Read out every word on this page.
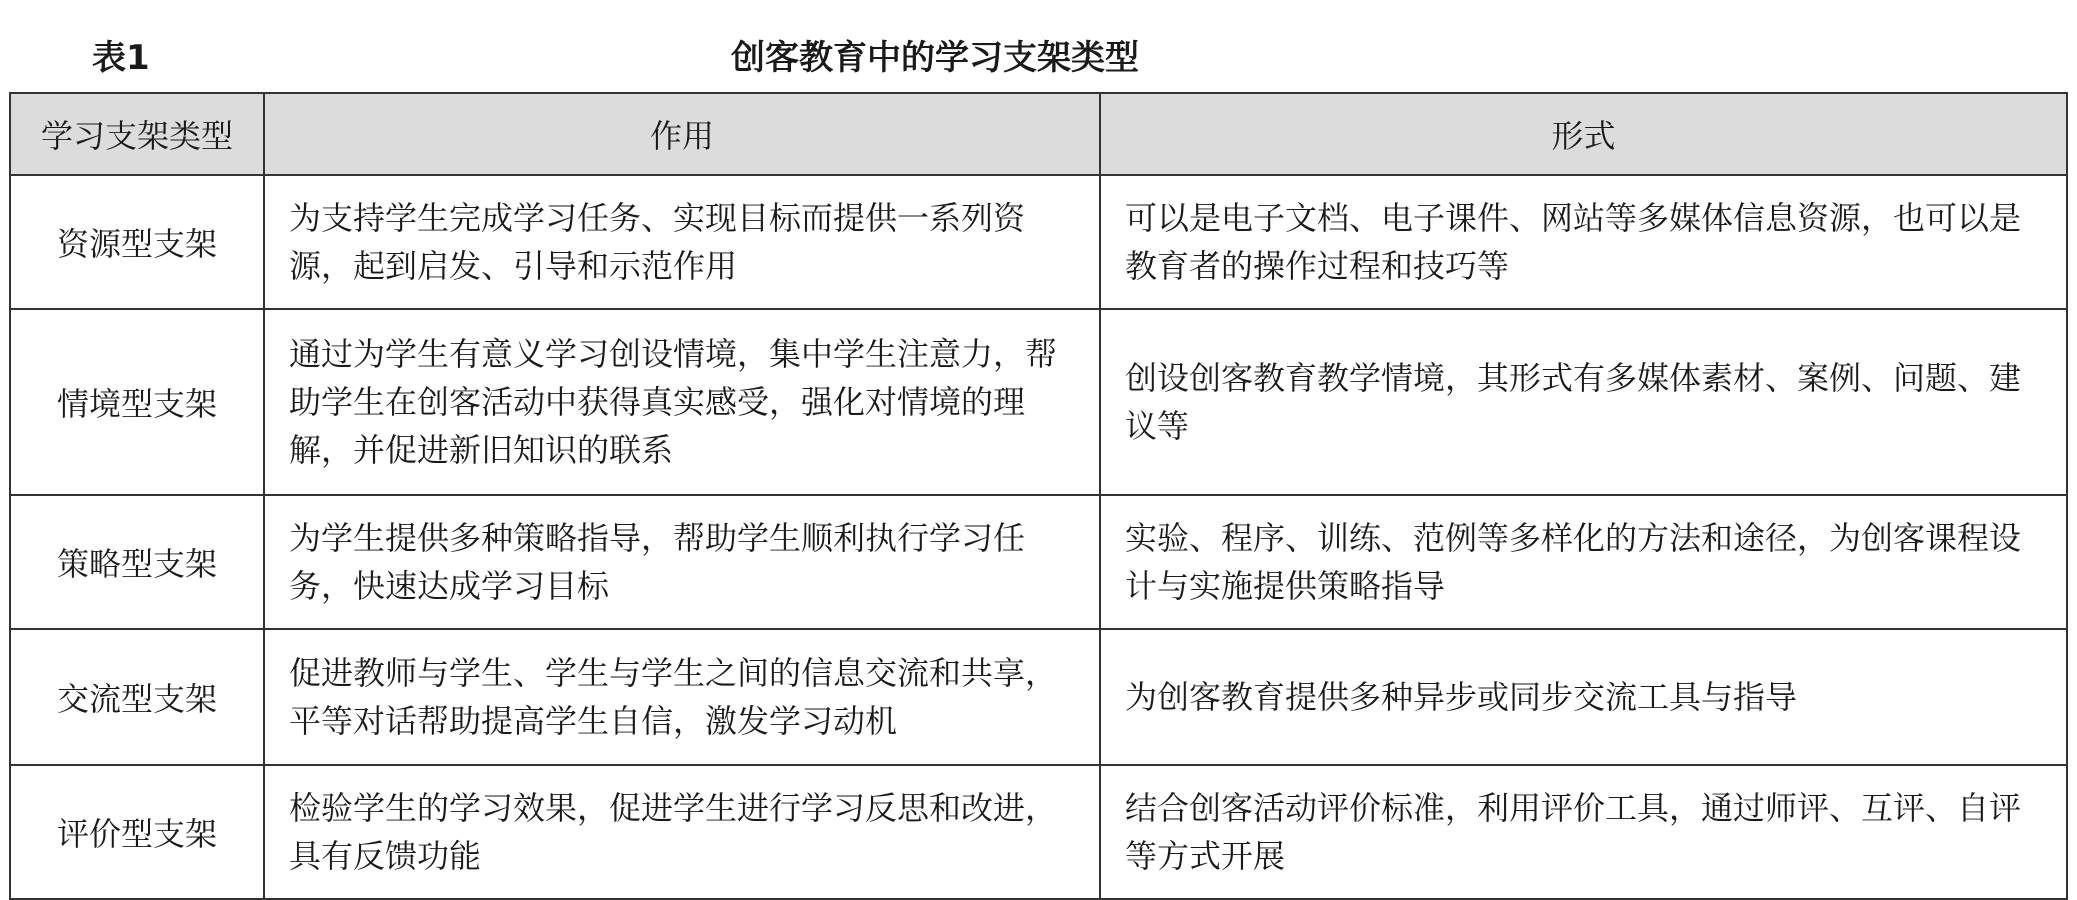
表1	创客教育中的学习支架类型
学习支架类型	作用	形式
资源型支架	为支持学生完成学习任务、实现目标而提供一系列资源，起到启发、引导和示范作用	可以是电子文档、电子课件、网站等多媒体信息资源，也可以是教育者的操作过程和技巧等
情境型支架	通过为学生有意义学习创设情境，集中学生注意力，帮助学生在创客活动中获得真实感受，强化对情境的理解，并促进新旧知识的联系	创设创客教育教学情境，其形式有多媒体素材、案例、问题、建议等
策略型支架	为学生提供多种策略指导，帮助学生顺利执行学习任务，快速达成学习目标	实验、程序、训练、范例等多样化的方法和途径，为创客课程设计与实施提供策略指导
交流型支架	促进教师与学生、学生与学生之间的信息交流和共享，平等对话帮助提高学生自信，激发学习动机	为创客教育提供多种异步或同步交流工具与指导
评价型支架	检验学生的学习效果，促进学生进行学习反思和改进，具有反馈功能	结合创客活动评价标准，利用评价工具，通过师评、互评、自评等方式开展
